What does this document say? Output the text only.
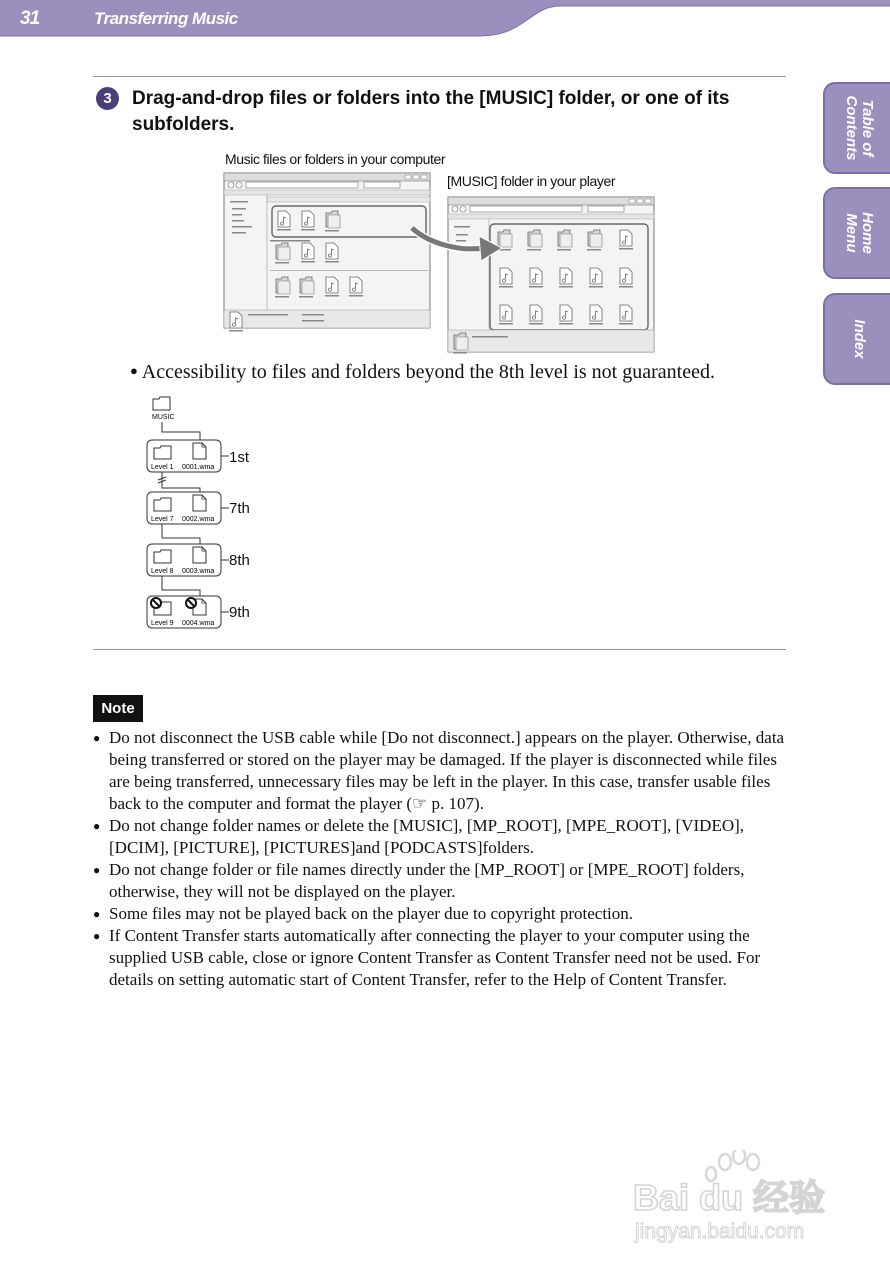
31	Transferring Music
Table of
Contents
Home
Menu
Index
3	Drag-and-drop files or folders into the [MUSIC] folder, or one of its subfolders.
Music files or folders in your computer
[MUSIC] folder in your player
● Accessibility to files and folders beyond the 8th level is not guaranteed.
MUSIC
Level 1 0001.wma
Level 7 0002.wma
Level 8 0003.wma
Level 9 0004.wma
1st
7th
8th
9th
Note
● Do not disconnect the USB cable while [Do not disconnect.] appears on the player. Otherwise, data being transferred or stored on the player may be damaged. If the player is disconnected while files are being transferred, unnecessary files may be left in the player. In this case, transfer usable files back to the computer and format the player (☞ p. 107).
● Do not change folder names or delete the [MUSIC], [MP_ROOT], [MPE_ROOT], [VIDEO], [DCIM], [PICTURE], [PICTURES]and [PODCASTS]folders.
● Do not change folder or file names directly under the [MP_ROOT] or [MPE_ROOT] folders, otherwise, they will not be displayed on the player.
● Some files may not be played back on the player due to copyright protection.
● If Content Transfer starts automatically after connecting the player to your computer using the supplied USB cable, close or ignore Content Transfer as Content Transfer need not be used. For details on setting automatic start of Content Transfer, refer to the Help of Content Transfer.
Bai du 经验
jingyan.baidu.com
